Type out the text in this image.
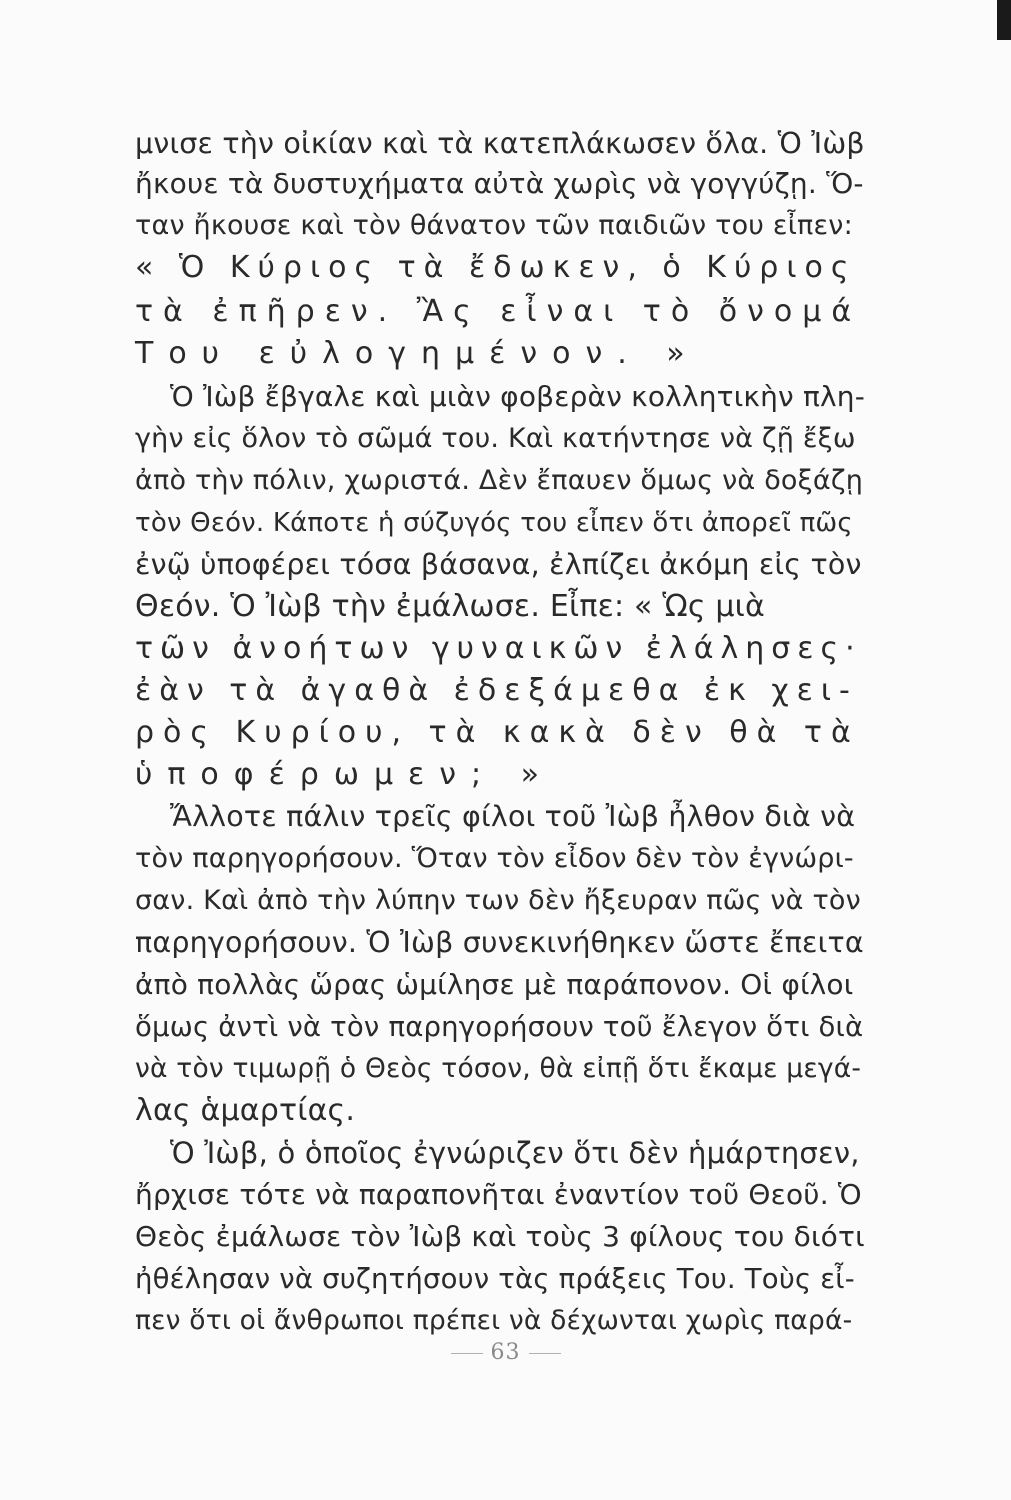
μνισε τὴν οἰκίαν καὶ τὰ κατεπλάκωσεν ὅλα. Ὁ Ἰὼβ
ἤκουε τὰ δυστυχήματα αὐτὰ χωρὶς νὰ γογγύζῃ. Ὅ-
ταν ἤκουσε καὶ τὸν θάνατον τῶν παιδιῶν του εἶπεν:
« Ὁ Κύριος τὰ ἔδωκεν, ὁ Κύριος
τὰ ἐπῆρεν. Ἂς εἶναι τὸ ὄνομά
Του εὐλογημένον. »
Ὁ Ἰὼβ ἔβγαλε καὶ μιὰν φοβερὰν κολλητικὴν πλη-
γὴν εἰς ὅλον τὸ σῶμά του. Καὶ κατήντησε νὰ ζῇ ἔξω
ἀπὸ τὴν πόλιν, χωριστά. Δὲν ἔπαυεν ὅμως νὰ δοξάζῃ
τὸν Θεόν. Κάποτε ἡ σύζυγός του εἶπεν ὅτι ἀπορεῖ πῶς
ἐνῷ ὑποφέρει τόσα βάσανα, ἐλπίζει ἀκόμη εἰς τὸν
Θεόν. Ὁ Ἰὼβ τὴν ἐμάλωσε. Εἶπε: « Ὡς μιὰ
τῶν ἀνοήτων γυναικῶν ἐλάλησες·
ἐὰν τὰ ἀγαθὰ ἐδεξάμεθα ἐκ χει-
ρὸς Κυρίου, τὰ κακὰ δὲν θὰ τὰ
ὑποφέρωμεν; »
Ἄλλοτε πάλιν τρεῖς φίλοι τοῦ Ἰὼβ ἦλθον διὰ νὰ
τὸν παρηγορήσουν. Ὅταν τὸν εἶδον δὲν τὸν ἐγνώρι-
σαν. Καὶ ἀπὸ τὴν λύπην των δὲν ἤξευραν πῶς νὰ τὸν
παρηγορήσουν. Ὁ Ἰὼβ συνεκινήθηκεν ὥστε ἔπειτα
ἀπὸ πολλὰς ὥρας ὡμίλησε μὲ παράπονον. Οἱ φίλοι
ὅμως ἀντὶ νὰ τὸν παρηγορήσουν τοῦ ἔλεγον ὅτι διὰ
νὰ τὸν τιμωρῇ ὁ Θεὸς τόσον, θὰ εἰπῇ ὅτι ἔκαμε μεγά-
λας ἁμαρτίας.
Ὁ Ἰὼβ, ὁ ὁποῖος ἐγνώριζεν ὅτι δὲν ἡμάρτησεν,
ἤρχισε τότε νὰ παραπονῆται ἐναντίον τοῦ Θεοῦ. Ὁ
Θεὸς ἐμάλωσε τὸν Ἰὼβ καὶ τοὺς 3 φίλους του διότι
ἠθέλησαν νὰ συζητήσουν τὰς πράξεις Του. Τοὺς εἶ-
πεν ὅτι οἱ ἄνθρωποι πρέπει νὰ δέχωνται χωρὶς παρά-
63
